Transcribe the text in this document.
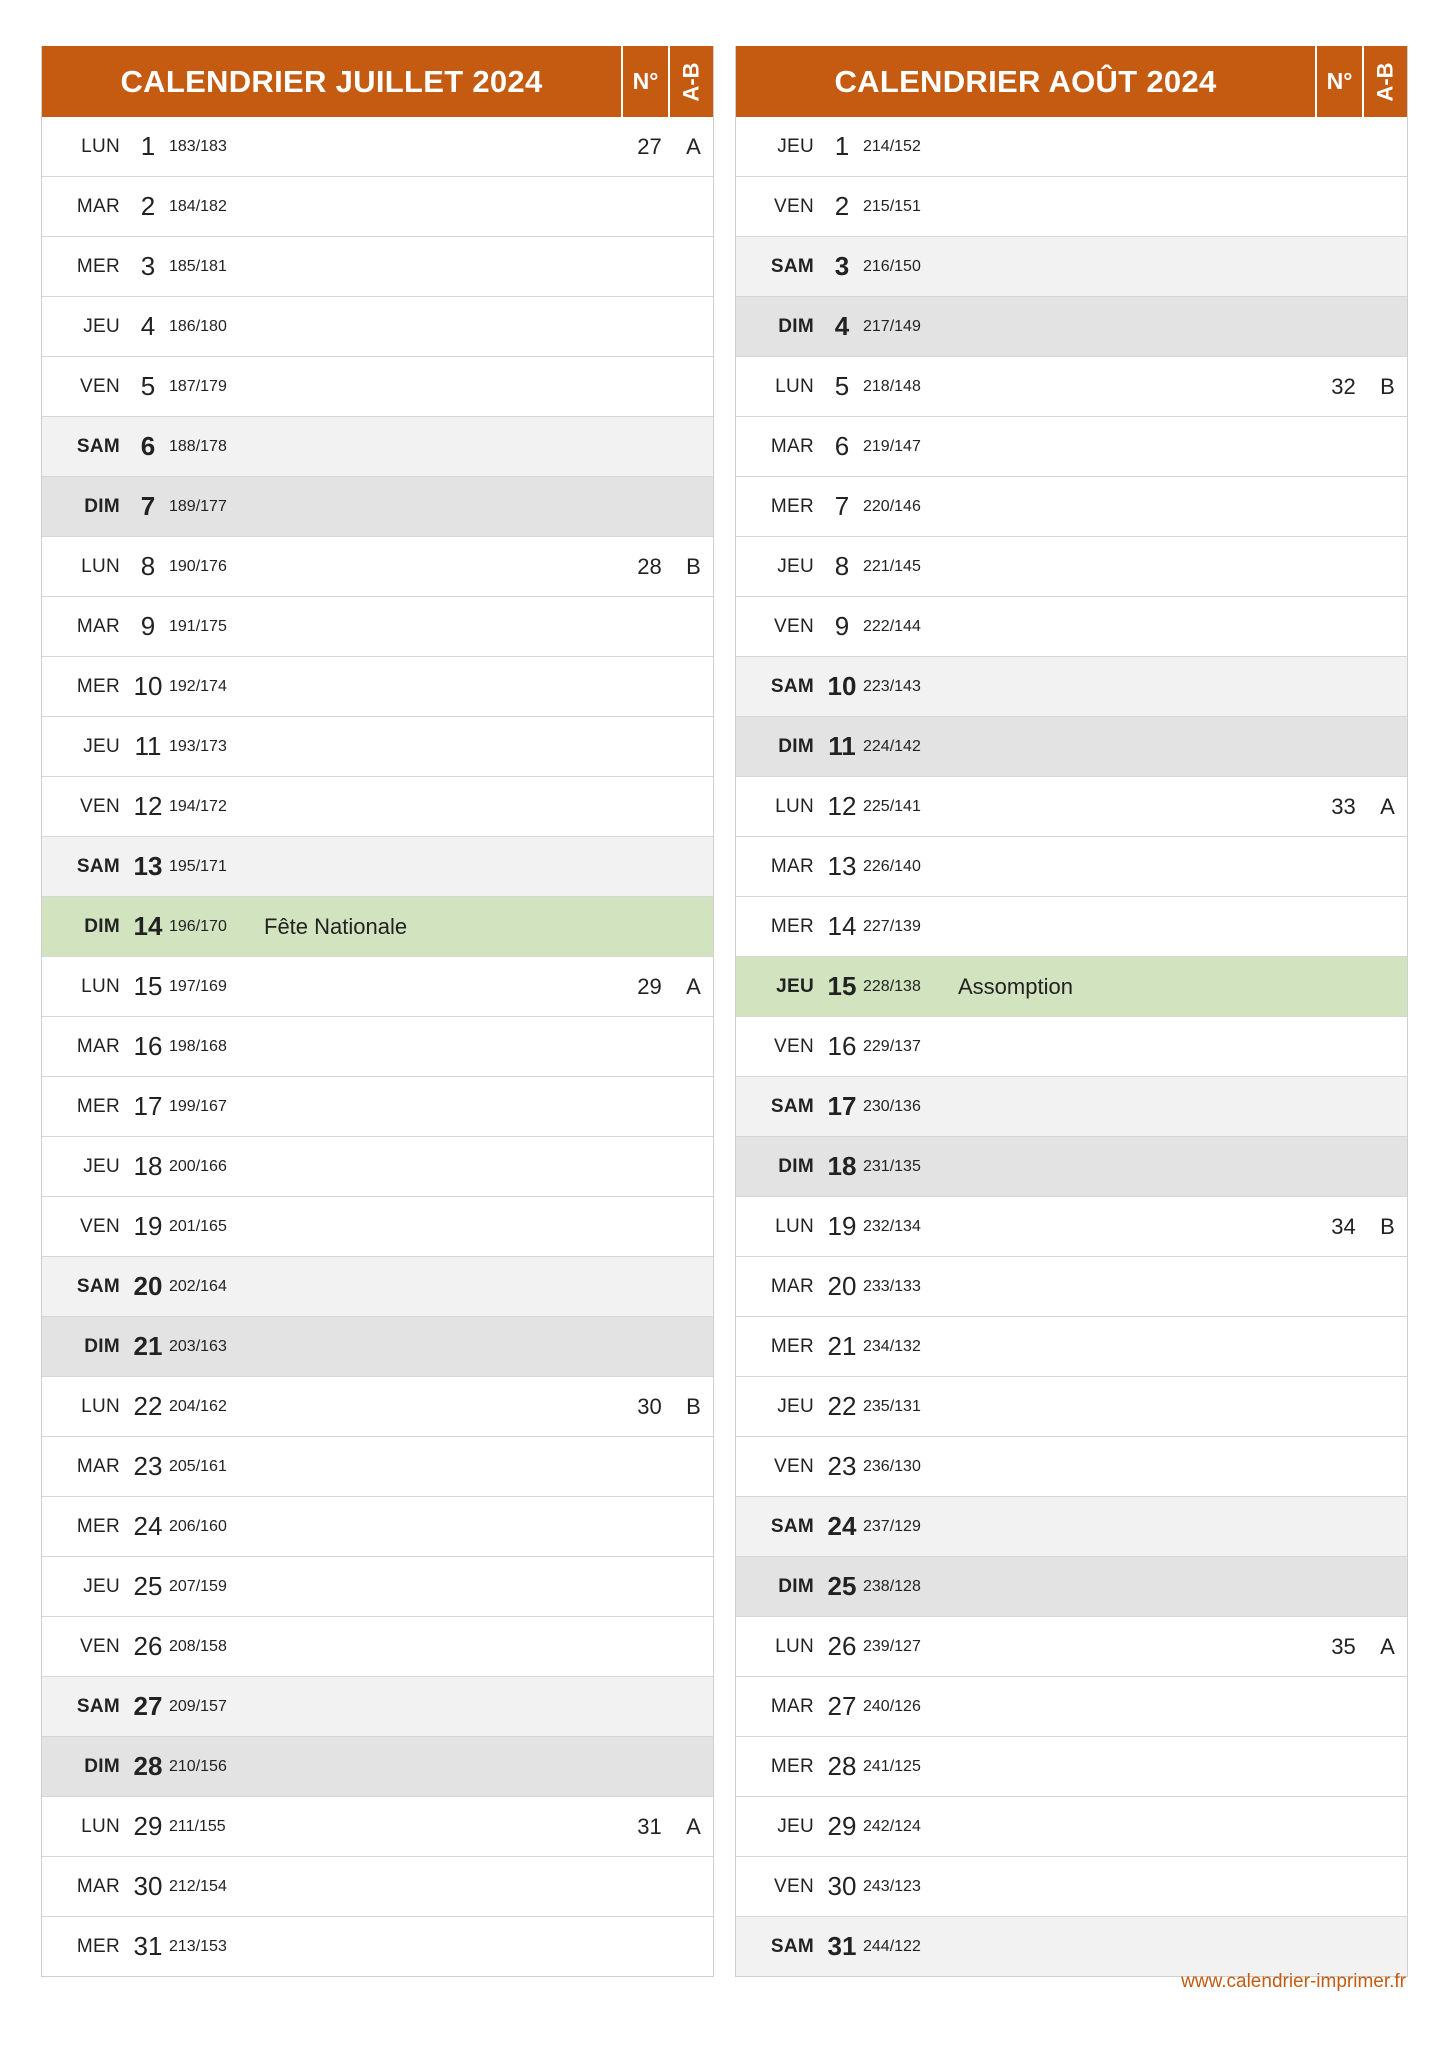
CALENDRIER JUILLET 2024	N° A-B
LUN 1 183/183	27	A
MAR 2 184/182
MER 3 185/181
JEU 4 186/180
VEN 5 187/179
SAM 6 188/178
DIM 7 189/177
LUN 8 190/176	28	B
MAR 9 191/175
MER 10 192/174
JEU 11 193/173
VEN 12 194/172
SAM 13 195/171
DIM 14 196/170 Fête Nationale
LUN 15 197/169	29	A
MAR 16 198/168
MER 17 199/167
JEU 18 200/166
VEN 19 201/165
SAM 20 202/164
DIM 21 203/163
LUN 22 204/162	30	B
MAR 23 205/161
MER 24 206/160
JEU 25 207/159
VEN 26 208/158
SAM 27 209/157
DIM 28 210/156
LUN 29 211/155	31	A
MAR 30 212/154
MER 31 213/153
CALENDRIER AOÛT 2024	N° A-B
JEU 1 214/152
VEN 2 215/151
SAM 3 216/150
DIM 4 217/149
LUN 5 218/148	32	B
MAR 6 219/147
MER 7 220/146
JEU 8 221/145
VEN 9 222/144
SAM 10 223/143
DIM 11 224/142
LUN 12 225/141	33	A
MAR 13 226/140
MER 14 227/139
JEU 15 228/138 Assomption
VEN 16 229/137
SAM 17 230/136
DIM 18 231/135
LUN 19 232/134	34	B
MAR 20 233/133
MER 21 234/132
JEU 22 235/131
VEN 23 236/130
SAM 24 237/129
DIM 25 238/128
LUN 26 239/127	35	A
MAR 27 240/126
MER 28 241/125
JEU 29 242/124
VEN 30 243/123
SAM 31 244/122
www.calendrier-imprimer.fr
